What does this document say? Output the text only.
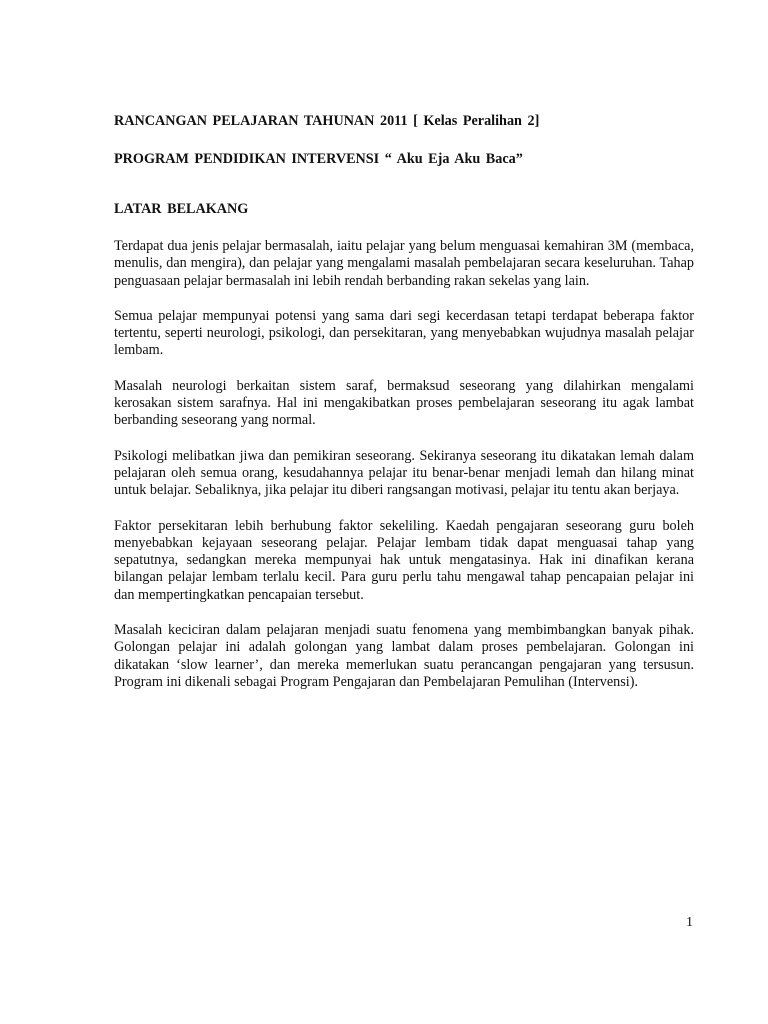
RANCANGAN PELAJARAN TAHUNAN 2011 [ Kelas Peralihan 2]
PROGRAM PENDIDIKAN INTERVENSI “ Aku Eja Aku Baca”
LATAR BELAKANG

Terdapat dua jenis pelajar bermasalah, iaitu pelajar yang belum menguasai kemahiran 3M (membaca, menulis, dan mengira), dan pelajar yang mengalami masalah pembelajaran secara keseluruhan. Tahap penguasaan pelajar bermasalah ini lebih rendah berbanding rakan sekelas yang lain.

Semua pelajar mempunyai potensi yang sama dari segi kecerdasan tetapi terdapat beberapa faktor tertentu, seperti neurologi, psikologi, dan persekitaran, yang menyebabkan wujudnya masalah pelajar lembam.

Masalah neurologi berkaitan sistem saraf, bermaksud seseorang yang dilahirkan mengalami kerosakan sistem sarafnya. Hal ini mengakibatkan proses pembelajaran seseorang itu agak lambat berbanding seseorang yang normal.

Psikologi melibatkan jiwa dan pemikiran seseorang. Sekiranya seseorang itu dikatakan lemah dalam pelajaran oleh semua orang, kesudahannya pelajar itu benar-benar menjadi lemah dan hilang minat untuk belajar. Sebaliknya, jika pelajar itu diberi rangsangan motivasi, pelajar itu tentu akan berjaya.

Faktor persekitaran lebih berhubung faktor sekeliling. Kaedah pengajaran seseorang guru boleh menyebabkan kejayaan seseorang pelajar. Pelajar lembam tidak dapat menguasai tahap yang sepatutnya, sedangkan mereka mempunyai hak untuk mengatasinya. Hak ini dinafikan kerana bilangan pelajar lembam terlalu kecil. Para guru perlu tahu mengawal tahap pencapaian pelajar ini dan mempertingkatkan pencapaian tersebut.

Masalah keciciran dalam pelajaran menjadi suatu fenomena yang membimbangkan banyak pihak. Golongan pelajar ini adalah golongan yang lambat dalam proses pembelajaran. Golongan ini dikatakan ‘slow learner’, dan mereka memerlukan suatu perancangan pengajaran yang tersusun. Program ini dikenali sebagai Program Pengajaran dan Pembelajaran Pemulihan (Intervensi).

1
